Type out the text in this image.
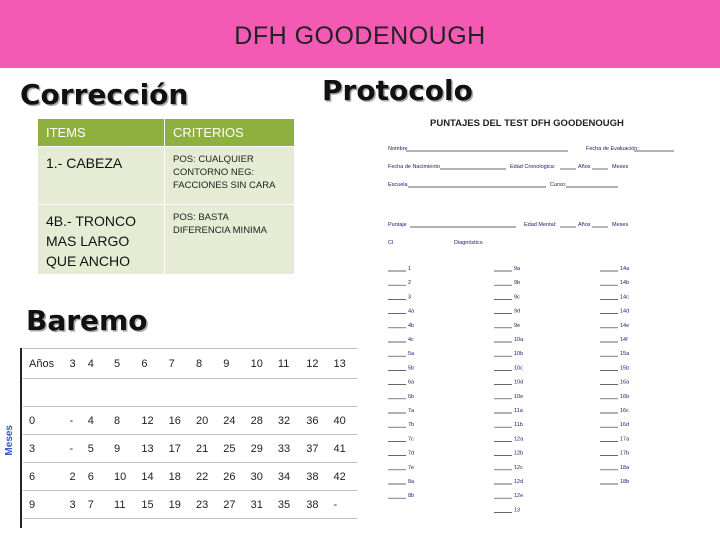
DFH GOODENOUGH
Corrección	Protocolo
ITEMS	CRITERIOS
1.- CABEZA	POS: CUALQUIER CONTORNO NEG: FACCIONES SIN CARA
4B.- TRONCO MAS LARGO QUE ANCHO	POS: BASTA DIFERENCIA MINIMA
Baremo
Meses
Años	3	4	5	6	7	8	9	10	11	12	13

0	-	4	8	12	16	20	24	28	32	36	40
3	-	5	9	13	17	21	25	29	33	37	41
6	2	6	10	14	18	22	26	30	34	38	42
9	3	7	11	15	19	23	27	31	35	38	-
PUNTAJES DEL TEST DFH GOODENOUGH
Nombre	Fecha de Evaluación:
Fecha de Nacimiento	Edad Cronologica:	Años	Meses
Escuela	Curso:
Puntaje	Edad Mental:	Años	Meses
CI	Diagnóstico
1
2
3
4a
4b
4c
5a
5b
6a
6b
7a
7b
7c
7d
7e
8a
8b
9a
9b
9c
9d
9e
10a
10b
10c
10d
10e
11a
11b
12a
12b
12c
12d
12e
13
14a
14b
14c
14d
14e
14f
15a
15b
16a
16b
16c
16d
17a
17b
18a
18b
